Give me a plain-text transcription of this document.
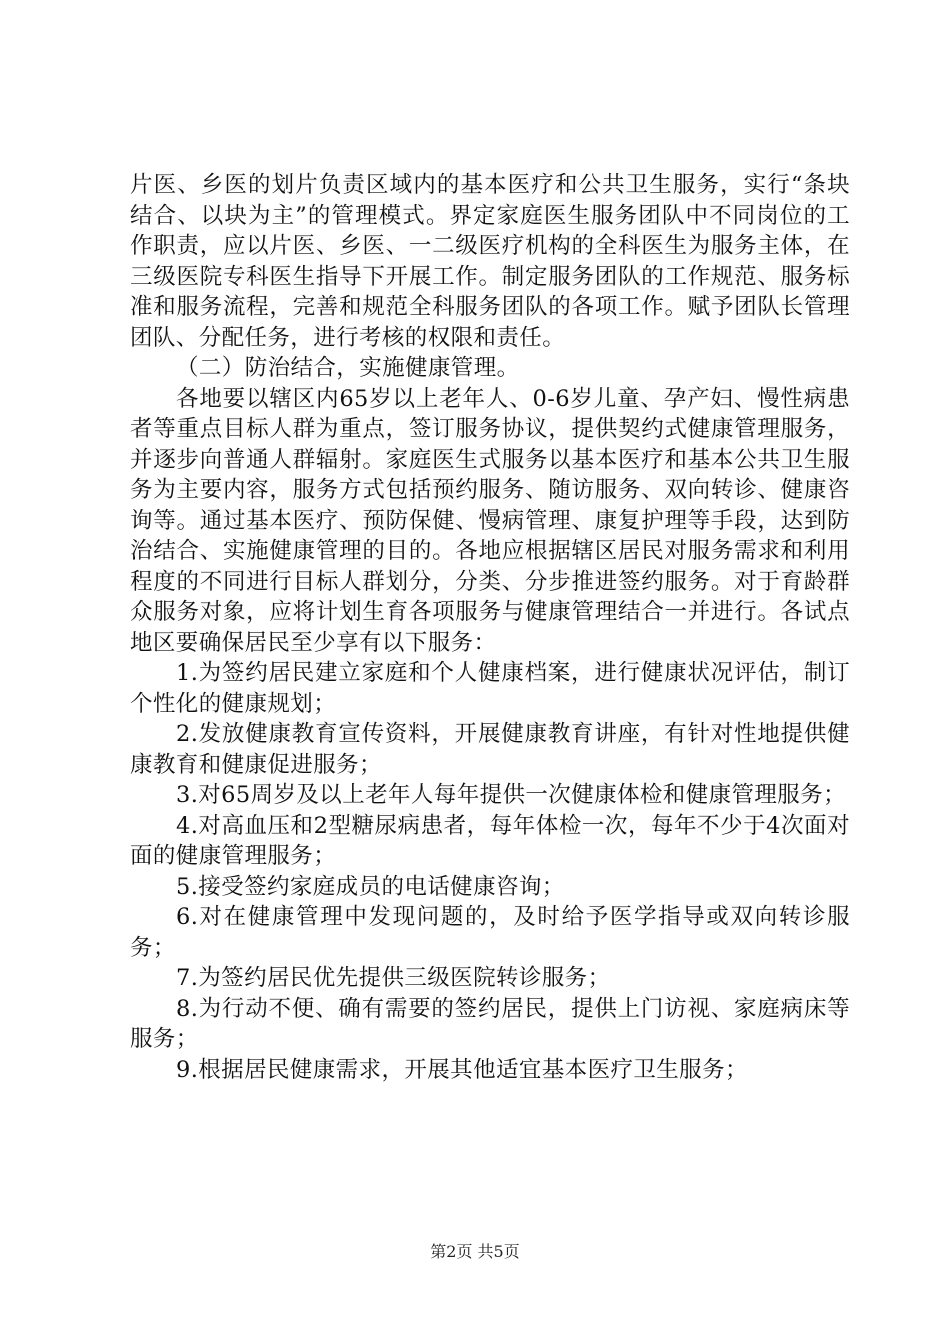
片医、乡医的划片负责区域内的基本医疗和公共卫生服务，实行“条块结合、以块为主”的管理模式。界定家庭医生服务团队中不同岗位的工作职责，应以片医、乡医、一二级医疗机构的全科医生为服务主体，在三级医院专科医生指导下开展工作。制定服务团队的工作规范、服务标准和服务流程，完善和规范全科服务团队的各项工作。赋予团队长管理团队、分配任务，进行考核的权限和责任。

（二）防治结合，实施健康管理。

各地要以辖区内65岁以上老年人、0-6岁儿童、孕产妇、慢性病患者等重点目标人群为重点，签订服务协议，提供契约式健康管理服务，并逐步向普通人群辐射。家庭医生式服务以基本医疗和基本公共卫生服务为主要内容，服务方式包括预约服务、随访服务、双向转诊、健康咨询等。通过基本医疗、预防保健、慢病管理、康复护理等手段，达到防治结合、实施健康管理的目的。各地应根据辖区居民对服务需求和利用程度的不同进行目标人群划分，分类、分步推进签约服务。对于育龄群众服务对象，应将计划生育各项服务与健康管理结合一并进行。各试点地区要确保居民至少享有以下服务：

1.为签约居民建立家庭和个人健康档案，进行健康状况评估，制订个性化的健康规划；

2.发放健康教育宣传资料，开展健康教育讲座，有针对性地提供健康教育和健康促进服务；

3.对65周岁及以上老年人每年提供一次健康体检和健康管理服务；

4.对高血压和2型糖尿病患者，每年体检一次，每年不少于4次面对面的健康管理服务；

5.接受签约家庭成员的电话健康咨询；

6.对在健康管理中发现问题的，及时给予医学指导或双向转诊服务；

7.为签约居民优先提供三级医院转诊服务；

8.为行动不便、确有需要的签约居民，提供上门访视、家庭病床等服务；

9.根据居民健康需求，开展其他适宜基本医疗卫生服务；

第2页 共5页
